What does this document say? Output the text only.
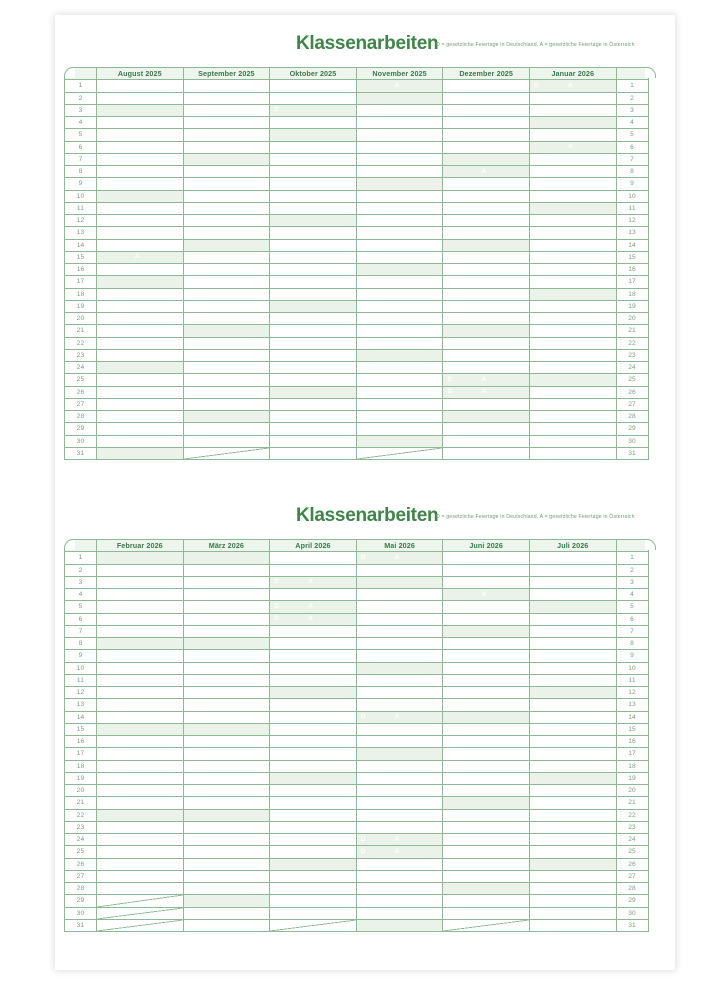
Klassenarbeiten
D = gesetzliche Feiertage in Deutschland, A = gesetzliche Feiertage in Österreich
	August 2025	September 2025	Oktober 2025	November 2025	Dezember 2025	Januar 2026	
1				A		D A	1
2							2
3			D				3
4							4
5							5
6						A	6
7							7
8					A		8
9							9
10							10
11							11
12							12
13							13
14							14
15	A						15
16							16
17							17
18							18
19							19
20							20
21							21
22							22
23							23
24							24
25					D A		25
26					D A		26
27							27
28							28
29							29
30							30
31							31
Klassenarbeiten
D = gesetzliche Feiertage in Deutschland, A = gesetzliche Feiertage in Österreich
	Februar 2026	März 2026	April 2026	Mai 2026	Juni 2026	Juli 2026	
1				D A			1
2							2
3			D A				3
4					A		4
5			D A				5
6			D A				6
7							7
8							8
9							9
10							10
11							11
12							12
13							13
14				D A			14
15							15
16							16
17							17
18							18
19							19
20							20
21							21
22							22
23							23
24				D A			24
25				D A			25
26							26
27							27
28							28
29							29
30							30
31							31
